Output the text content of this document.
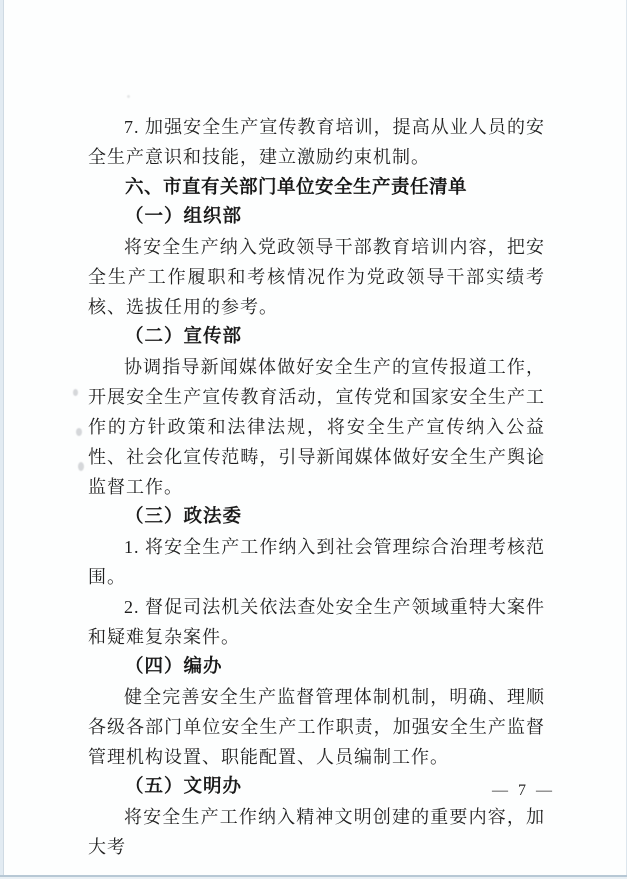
7. 加强安全生产宣传教育培训，提高从业人员的安全生产意识和技能，建立激励约束机制。

六、市直有关部门单位安全生产责任清单

（一）组织部

将安全生产纳入党政领导干部教育培训内容，把安全生产工作履职和考核情况作为党政领导干部实绩考核、选拔任用的参考。

（二）宣传部

协调指导新闻媒体做好安全生产的宣传报道工作，开展安全生产宣传教育活动，宣传党和国家安全生产工作的方针政策和法律法规，将安全生产宣传纳入公益性、社会化宣传范畴，引导新闻媒体做好安全生产舆论监督工作。

（三）政法委

1. 将安全生产工作纳入到社会管理综合治理考核范围。

2. 督促司法机关依法查处安全生产领域重特大案件和疑难复杂案件。

（四）编办

健全完善安全生产监督管理体制机制，明确、理顺各级各部门单位安全生产工作职责，加强安全生产监督管理机构设置、职能配置、人员编制工作。

（五）文明办

将安全生产工作纳入精神文明创建的重要内容，加大考

— 7 —
